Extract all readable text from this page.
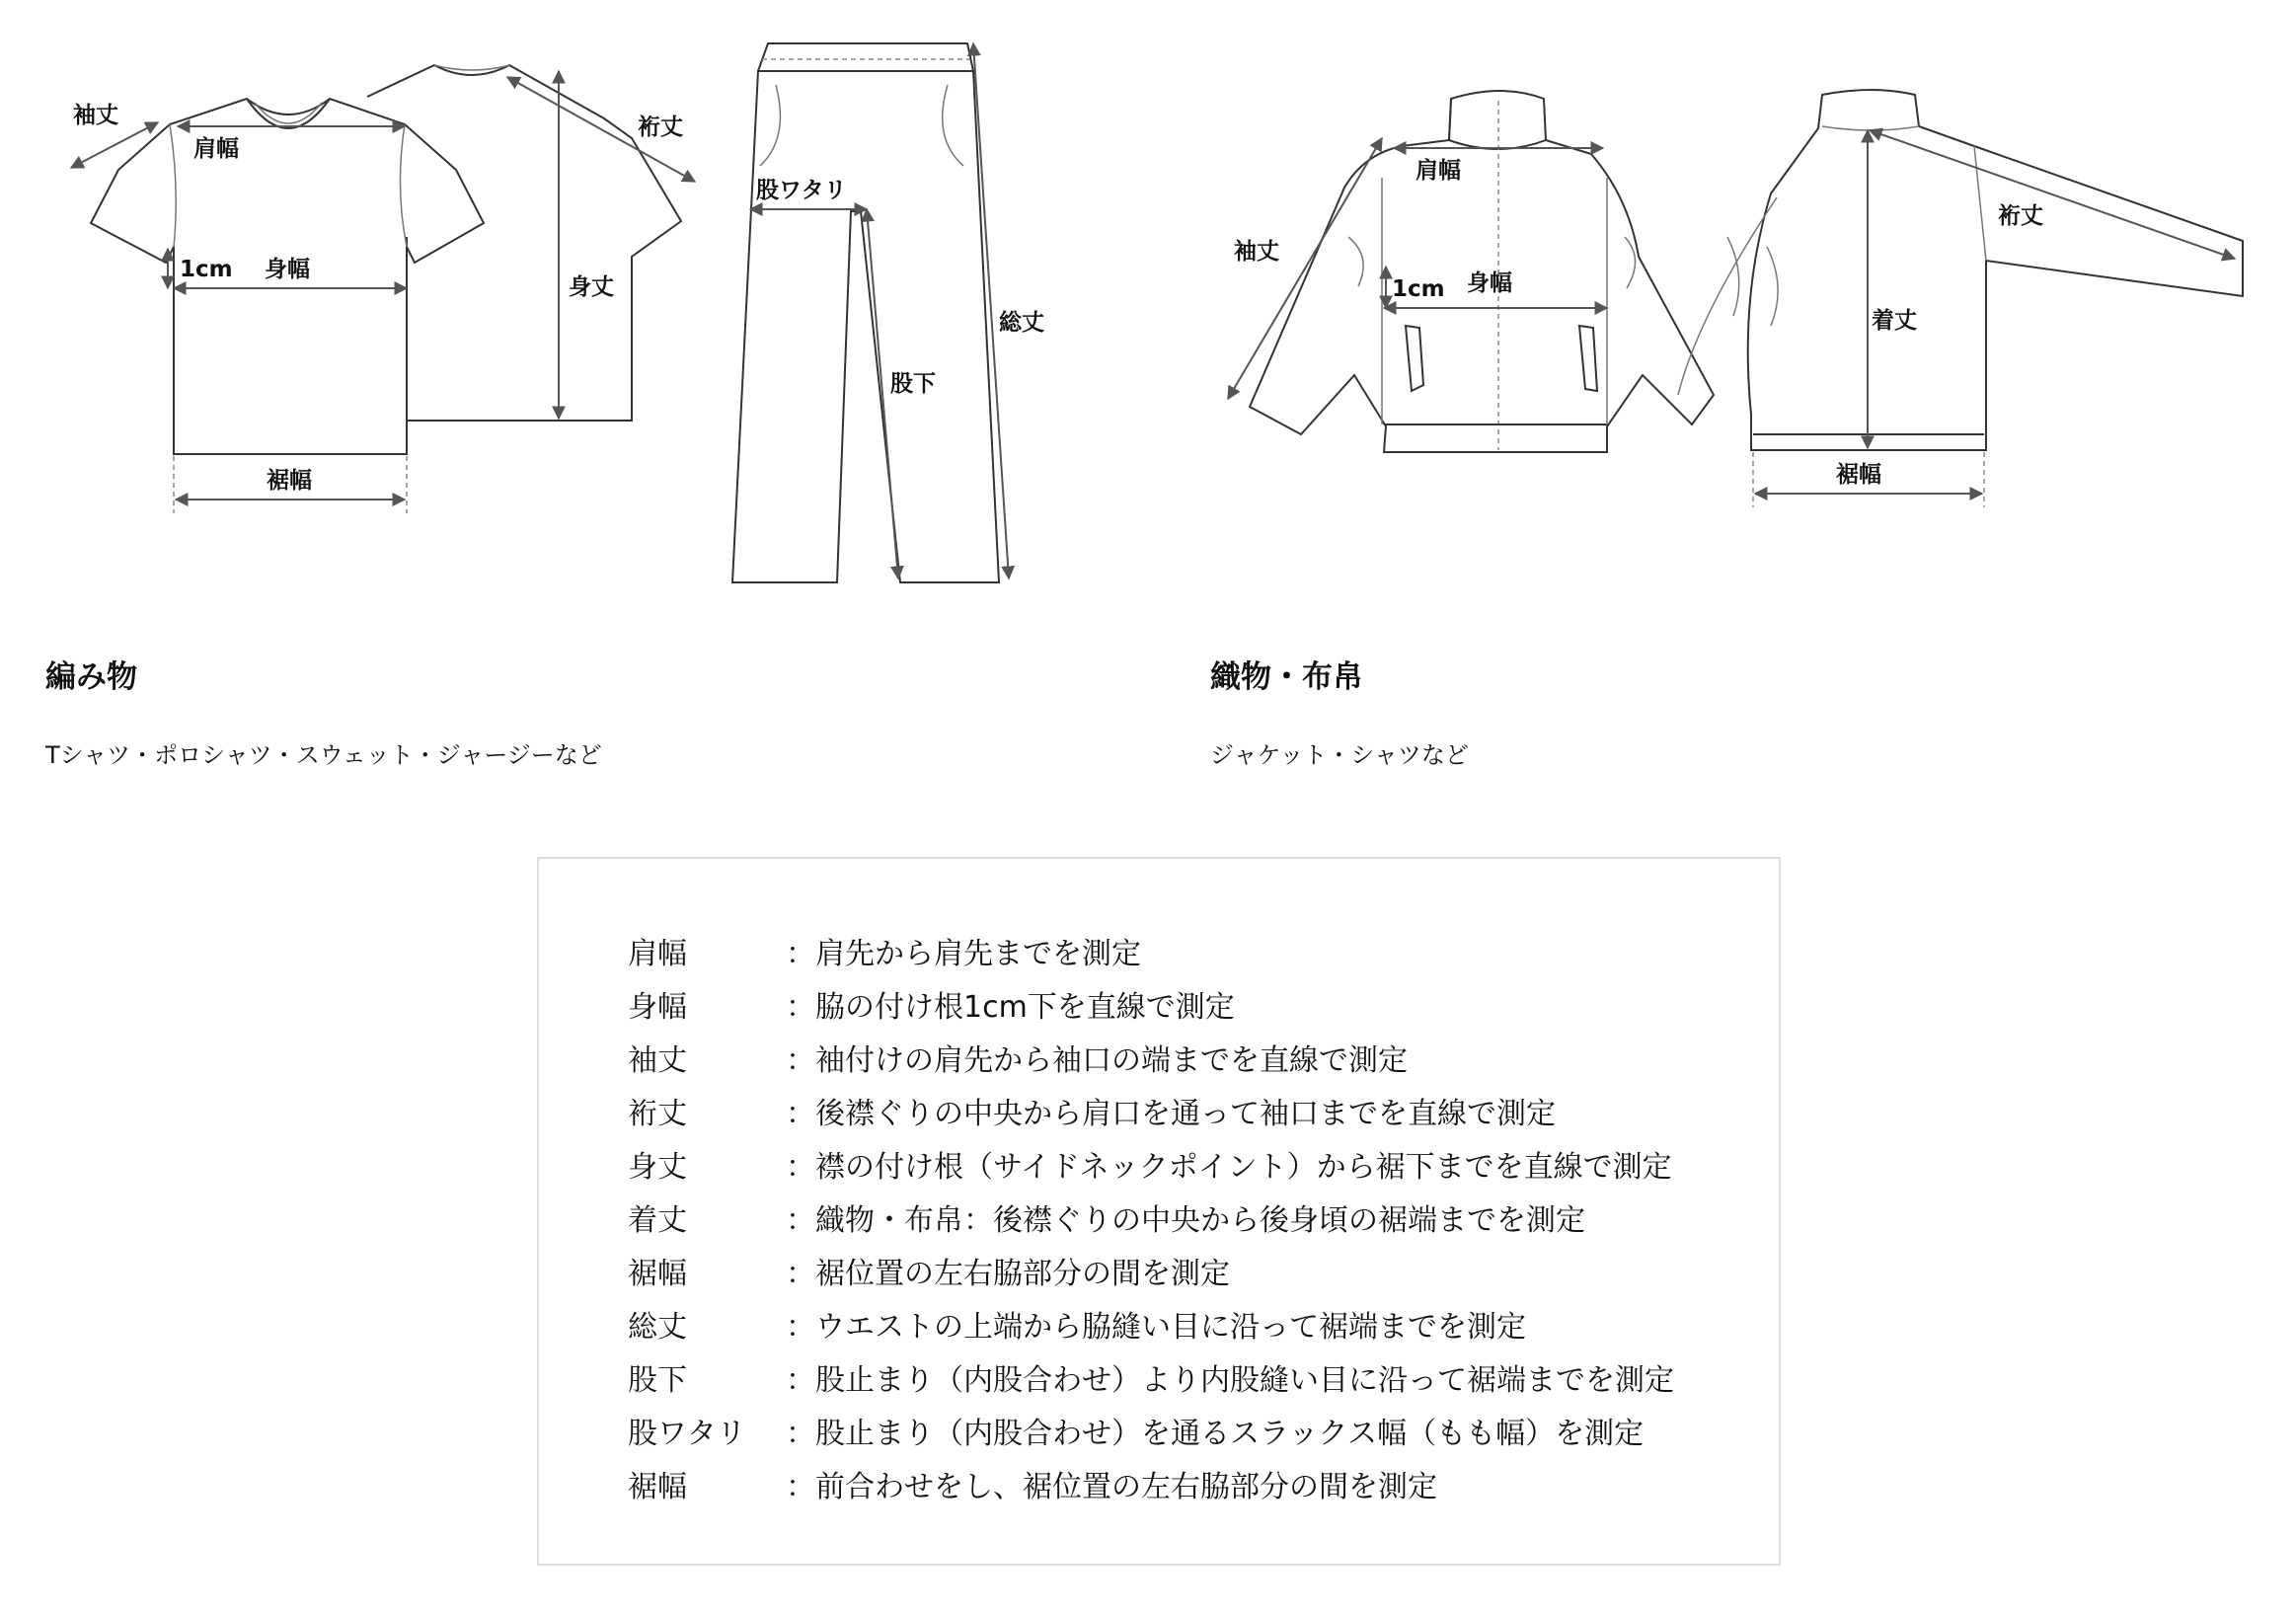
袖丈
肩幅
1cm 身幅
裾幅
裄丈
身丈
股ワタリ
股下
総丈
肩幅
袖丈
1cm 身幅
裄丈
着丈
裾幅

編み物

Tシャツ・ポロシャツ・スウェット・ジャージーなど

織物・布帛

ジャケット・シャツなど
肩幅	：肩先から肩先までを測定
身幅	：脇の付け根1cm下を直線で測定
袖丈	：袖付けの肩先から袖口の端までを直線で測定
裄丈	：後襟ぐりの中央から肩口を通って袖口までを直線で測定
身丈	：襟の付け根（サイドネックポイント）から裾下までを直線で測定
着丈	：織物・布帛：後襟ぐりの中央から後身頃の裾端までを測定
裾幅	：裾位置の左右脇部分の間を測定
総丈	：ウエストの上端から脇縫い目に沿って裾端までを測定
股下	：股止まり（内股合わせ）より内股縫い目に沿って裾端までを測定
股ワタリ	：股止まり（内股合わせ）を通るスラックス幅（もも幅）を測定
裾幅	：前合わせをし、裾位置の左右脇部分の間を測定
